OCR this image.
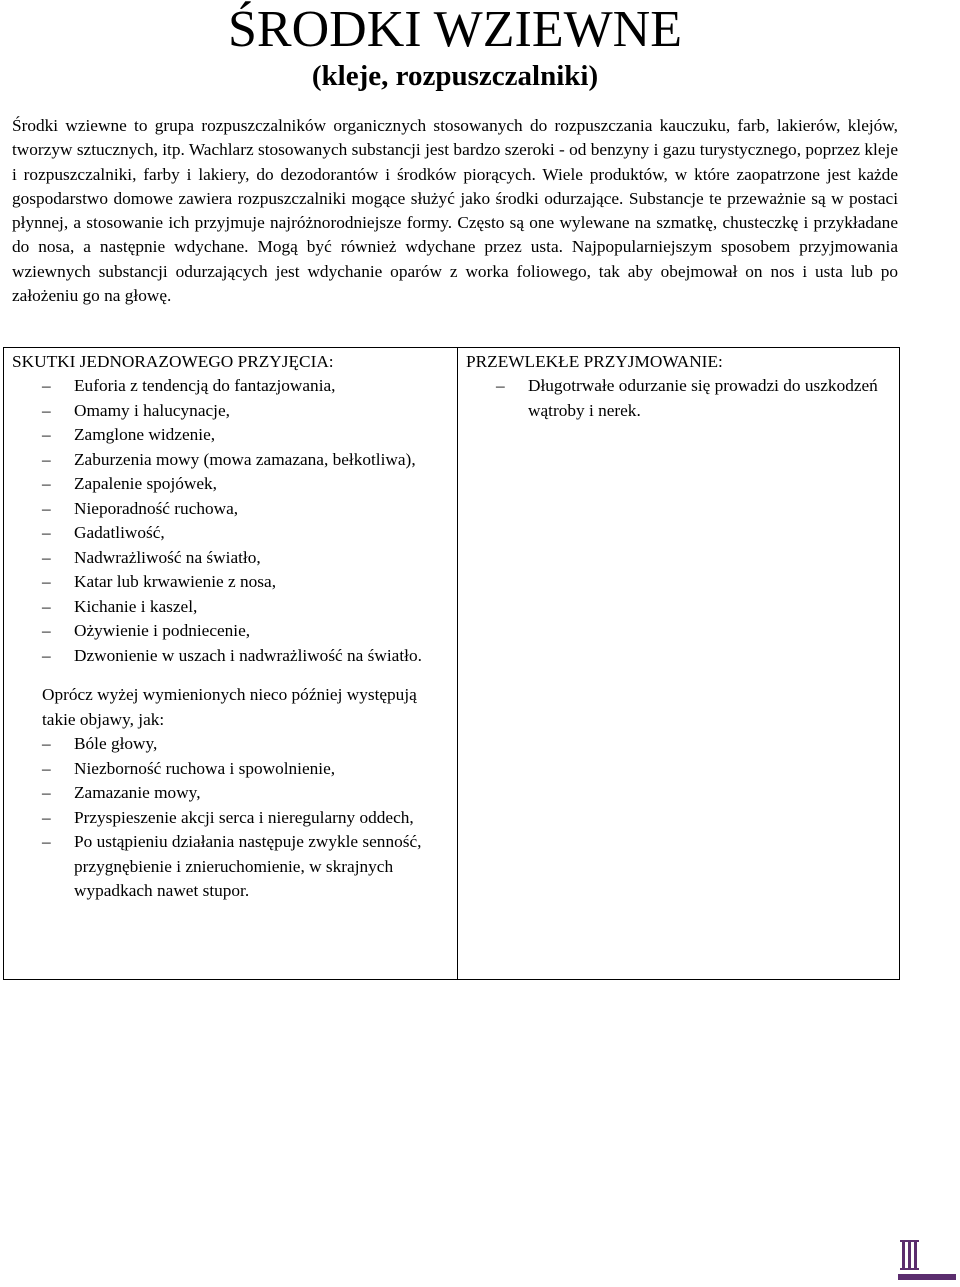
ŚRODKI WZIEWNE
(kleje, rozpuszczalniki)

Środki wziewne to grupa rozpuszczalników organicznych stosowanych do rozpuszczania kauczuku, farb, lakierów, klejów, tworzyw sztucznych, itp. Wachlarz stosowanych substancji jest bardzo szeroki - od benzyny i gazu turystycznego, poprzez kleje i rozpuszczalniki, farby i lakiery, do dezodorantów i środków piorących. Wiele produktów, w które zaopatrzone jest każde gospodarstwo domowe zawiera rozpuszczalniki mogące służyć jako środki odurzające. Substancje te przeważnie są w postaci płynnej, a stosowanie ich przyjmuje najróżnorodniejsze formy. Często są one wylewane na szmatkę, chusteczkę i przykładane do nosa, a następnie wdychane. Mogą być również wdychane przez usta. Najpopularniejszym sposobem przyjmowania wziewnych substancji odurzających jest wdychanie oparów z worka foliowego, tak aby obejmował on nos i usta lub po założeniu go na głowę.

SKUTKI JEDNORAZOWEGO PRZYJĘCIA:
–	Euforia z tendencją do fantazjowania,
–	Omamy i halucynacje,
–	Zamglone widzenie,
–	Zaburzenia mowy (mowa zamazana, bełkotliwa),
–	Zapalenie spojówek,
–	Nieporadność ruchowa,
–	Gadatliwość,
–	Nadwrażliwość na światło,
–	Katar lub krwawienie z nosa,
–	Kichanie i kaszel,
–	Ożywienie i podniecenie,
–	Dzwonienie w uszach i nadwrażliwość na światło.
Oprócz wyżej wymienionych nieco później występują takie objawy, jak:
–	Bóle głowy,
–	Niezborność ruchowa i spowolnienie,
–	Zamazanie mowy,
–	Przyspieszenie akcji serca i nieregularny oddech,
–	Po ustąpieniu działania następuje zwykle senność, przygnębienie i znieruchomienie, w skrajnych wypadkach nawet stupor.
PRZEWLEKŁE PRZYJMOWANIE:
–	Długotrwałe odurzanie się prowadzi do uszkodzeń wątroby i nerek.
